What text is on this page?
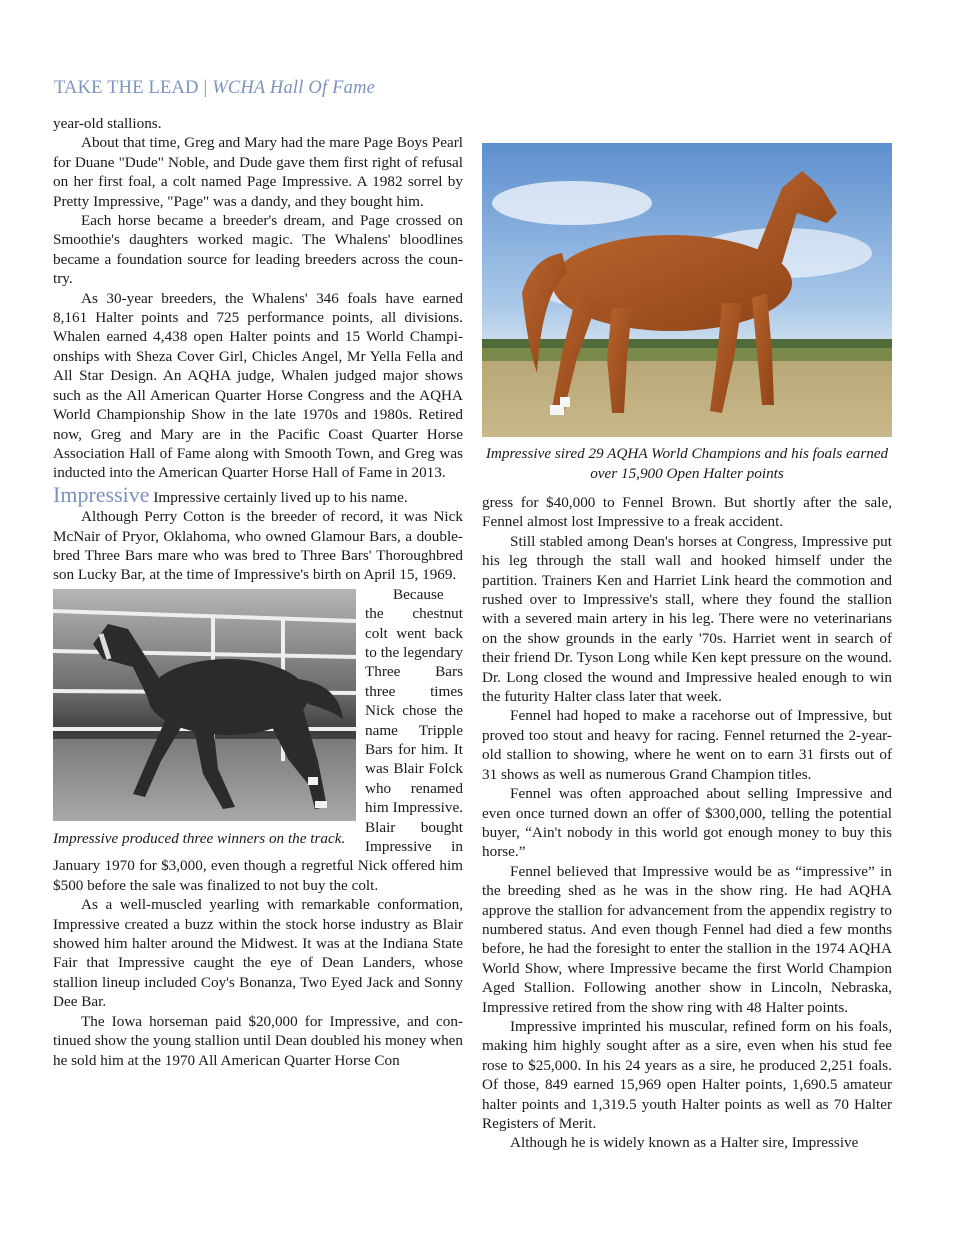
TAKE THE LEAD | WCHA Hall Of Fame

year-old stallions.

About that time, Greg and Mary had the mare Page Boys Pearl for Duane "Dude" Noble, and Dude gave them first right of refusal on her first foal, a colt named Page Impressive. A 1982 sorrel by Pretty Impressive, "Page" was a dandy, and they bought him.

Each horse became a breeder's dream, and Page crossed on Smoothie's daughters worked magic. The Whalens' bloodlines became a foundation source for leading breeders across the country.

As 30-year breeders, the Whalens' 346 foals have earned 8,161 Halter points and 725 performance points, all divisions. Whalen earned 4,438 open Halter points and 15 World Championships with Sheza Cover Girl, Chicles Angel, Mr Yella Fella and All Star Design. An AQHA judge, Whalen judged major shows such as the All American Quarter Horse Congress and the AQHA World Championship Show in the late 1970s and 1980s. Retired now, Greg and Mary are in the Pacific Coast Quarter Horse Association Hall of Fame along with Smooth Town, and Greg was inducted into the American Quarter Horse Hall of Fame in 2013.

Impressive Impressive certainly lived up to his name.

Although Perry Cotton is the breeder of record, it was Nick McNair of Pryor, Oklahoma, who owned Glamour Bars, a double-bred Three Bars mare who was bred to Three Bars' Thoroughbred son Lucky Bar, at the time of Impressive's birth on April 15, 1969.

Impressive produced three winners on the track.

Because the chestnut colt went back to the legendary Three Bars three times Nick chose the name Tripple Bars for him. It was Blair Folck who renamed him Impressive. Blair bought Impressive in January 1970 for $3,000, even though a regretful Nick offered him $500 before the sale was finalized to not buy the colt.

As a well-muscled yearling with remarkable conformation, Impressive created a buzz within the stock horse industry as Blair showed him halter around the Midwest. It was at the Indiana State Fair that Impressive caught the eye of Dean Landers, whose stallion lineup included Coy's Bonanza, Two Eyed Jack and Sonny Dee Bar.

The Iowa horseman paid $20,000 for Impressive, and continued show the young stallion until Dean doubled his money when he sold him at the 1970 All American Quarter Horse Con

Impressive sired 29 AQHA World Champions and his foals earned over 15,900 Open Halter points

gress for $40,000 to Fennel Brown. But shortly after the sale, Fennel almost lost Impressive to a freak accident.

Still stabled among Dean's horses at Congress, Impressive put his leg through the stall wall and hooked himself under the partition. Trainers Ken and Harriet Link heard the commotion and rushed over to Impressive's stall, where they found the stallion with a severed main artery in his leg. There were no veterinarians on the show grounds in the early '70s. Harriet went in search of their friend Dr. Tyson Long while Ken kept pressure on the wound. Dr. Long closed the wound and Impressive healed enough to win the futurity Halter class later that week.

Fennel had hoped to make a racehorse out of Impressive, but proved too stout and heavy for racing. Fennel returned the 2-year-old stallion to showing, where he went on to earn 31 firsts out of 31 shows as well as numerous Grand Champion titles.

Fennel was often approached about selling Impressive and even once turned down an offer of $300,000, telling the potential buyer, “Ain't nobody in this world got enough money to buy this horse.”

Fennel believed that Impressive would be as “impressive” in the breeding shed as he was in the show ring. He had AQHA approve the stallion for advancement from the appendix registry to numbered status. And even though Fennel had died a few months before, he had the foresight to enter the stallion in the 1974 AQHA World Show, where Impressive became the first World Champion Aged Stallion. Following another show in Lincoln, Nebraska, Impressive retired from the show ring with 48 Halter points.

Impressive imprinted his muscular, refined form on his foals, making him highly sought after as a sire, even when his stud fee rose to $25,000. In his 24 years as a sire, he produced 2,251 foals. Of those, 849 earned 15,969 open Halter points, 1,690.5 amateur halter points and 1,319.5 youth Halter points as well as 70 Halter Registers of Merit.

Although he is widely known as a Halter sire, Impressive
